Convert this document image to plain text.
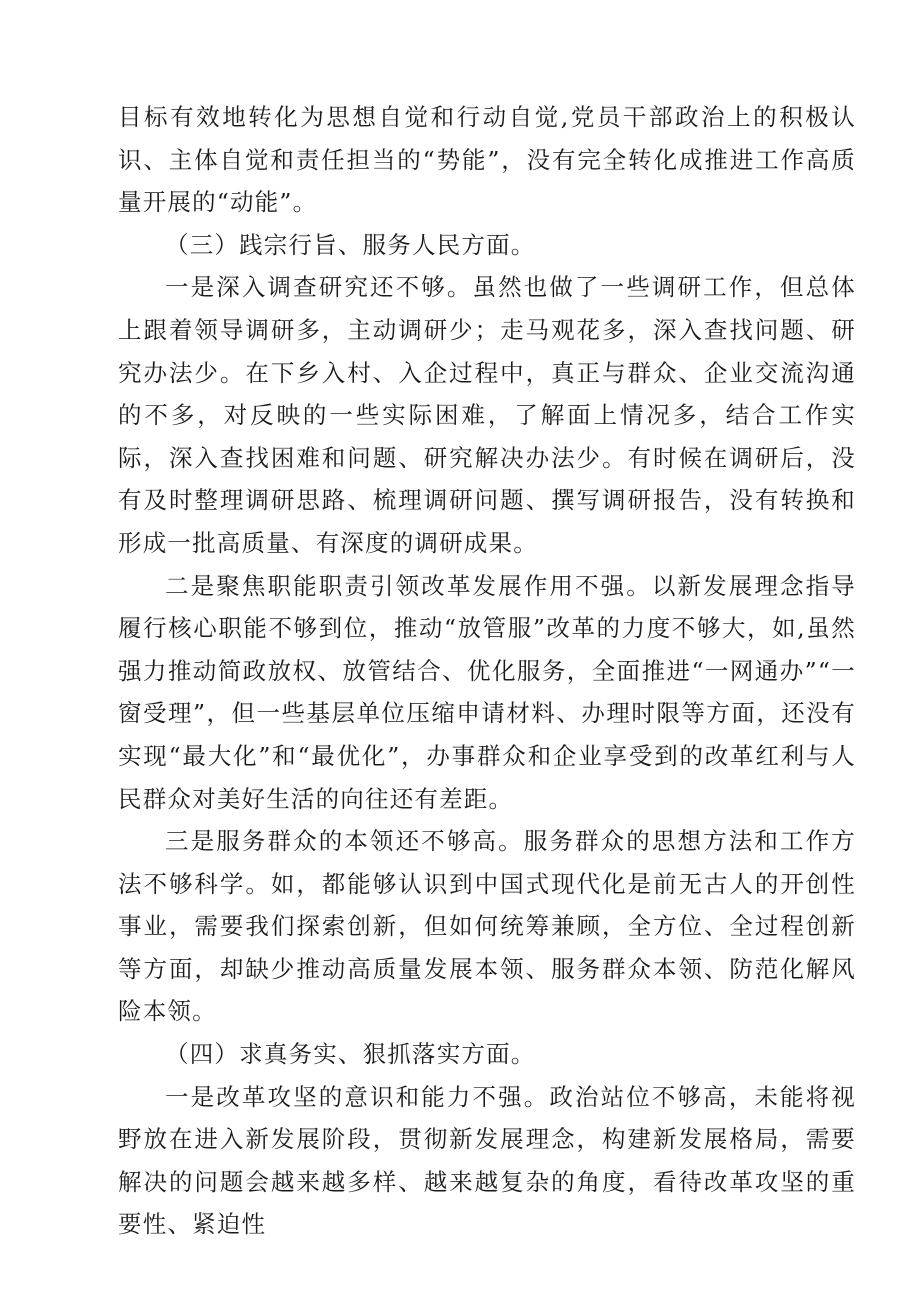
目标有效地转化为思想自觉和行动自觉,党员干部政治上的积极认识、主体自觉和责任担当的“势能”，没有完全转化成推进工作高质量开展的“动能”。

（三）践宗行旨、服务人民方面。

一是深入调查研究还不够。虽然也做了一些调研工作，但总体上跟着领导调研多，主动调研少；走马观花多，深入查找问题、研究办法少。在下乡入村、入企过程中，真正与群众、企业交流沟通的不多，对反映的一些实际困难，了解面上情况多，结合工作实际，深入查找困难和问题、研究解决办法少。有时候在调研后，没有及时整理调研思路、梳理调研问题、撰写调研报告，没有转换和形成一批高质量、有深度的调研成果。

二是聚焦职能职责引领改革发展作用不强。以新发展理念指导履行核心职能不够到位，推动“放管服”改革的力度不够大，如,虽然强力推动简政放权、放管结合、优化服务，全面推进“一网通办”“一窗受理”，但一些基层单位压缩申请材料、办理时限等方面，还没有实现“最大化”和“最优化”，办事群众和企业享受到的改革红利与人民群众对美好生活的向往还有差距。

三是服务群众的本领还不够高。服务群众的思想方法和工作方法不够科学。如，都能够认识到中国式现代化是前无古人的开创性事业，需要我们探索创新，但如何统筹兼顾，全方位、全过程创新等方面，却缺少推动高质量发展本领、服务群众本领、防范化解风险本领。

（四）求真务实、狠抓落实方面。

一是改革攻坚的意识和能力不强。政治站位不够高，未能将视野放在进入新发展阶段，贯彻新发展理念，构建新发展格局，需要解决的问题会越来越多样、越来越复杂的角度，看待改革攻坚的重要性、紧迫性
